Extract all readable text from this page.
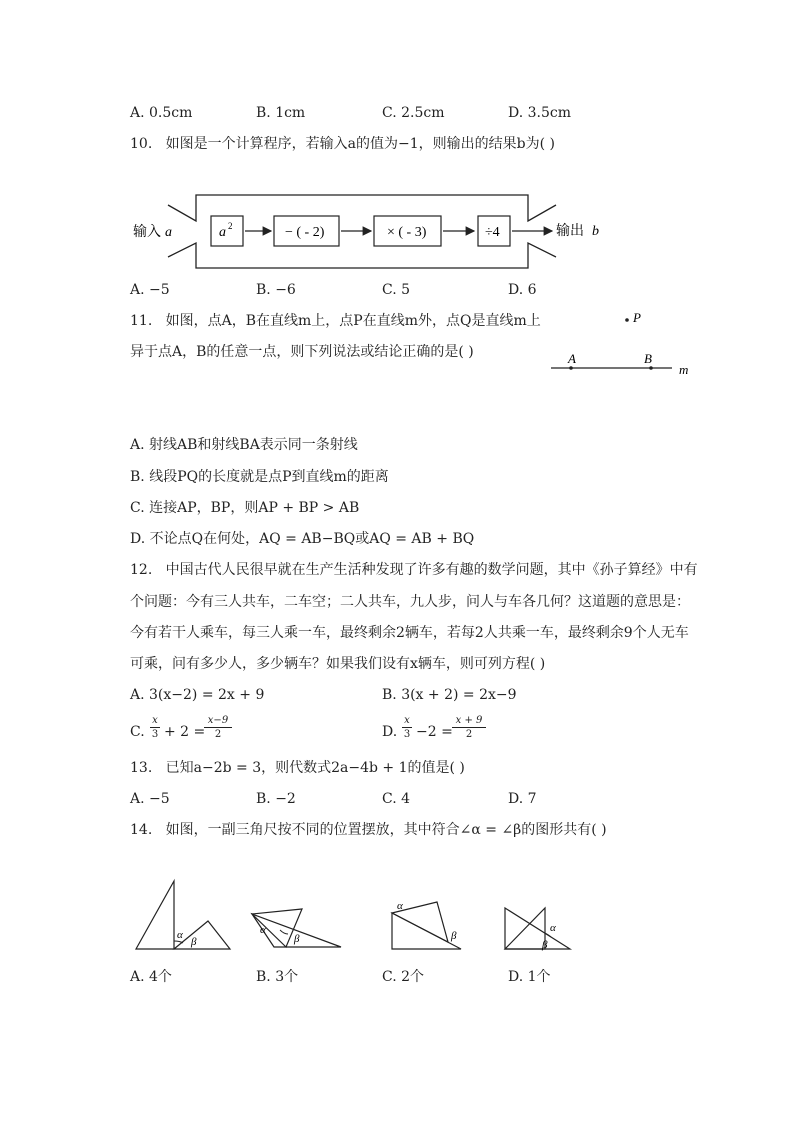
A. 0.5cm	B. 1cm	C. 2.5cm	D. 3.5cm
10. 如图是一个计算程序，若输入a的值为−1，则输出的结果b为( )
输入 a	a 2	− ( - 2)	× ( - 3)	÷4	输出 b
A. −5	B. −6	C. 5	D. 6
11. 如图，点A，B在直线m上，点P在直线m外，点Q是直线m上
异于点A，B的任意一点，则下列说法或结论正确的是( )
P
A	B
m
A. 射线AB和射线BA表示同一条射线
B. 线段PQ的长度就是点P到直线m的距离
C. 连接AP，BP，则AP + BP > AB
D. 不论点Q在何处，AQ = AB−BQ或AQ = AB + BQ
12. 中国古代人民很早就在生产生活种发现了许多有趣的数学问题，其中《孙子算经》中有
个问题：今有三人共车，二车空；二人共车，九人步，问人与车各几何？这道题的意思是：
今有若干人乘车，每三人乘一车，最终剩余2辆车，若每2人共乘一车，最终剩余9个人无车
可乘，问有多少人，多少辆车？如果我们设有x辆车，则可列方程( )
A. 3(x−2) = 2x + 9	B. 3(x + 2) = 2x−9
C.
x
3 + 2 =
x−9
2	D.
x
3 −2 =
x + 9
2
13. 已知a−2b = 3，则代数式2a−4b + 1的值是( )
A. −5	B. −2	C. 4	D. 7
14. 如图，一副三角尺按不同的位置摆放，其中符合∠α = ∠β的图形共有( )
α
β
α
β
α
β
α
β
A. 4个	B. 3个	C. 2个	D. 1个
